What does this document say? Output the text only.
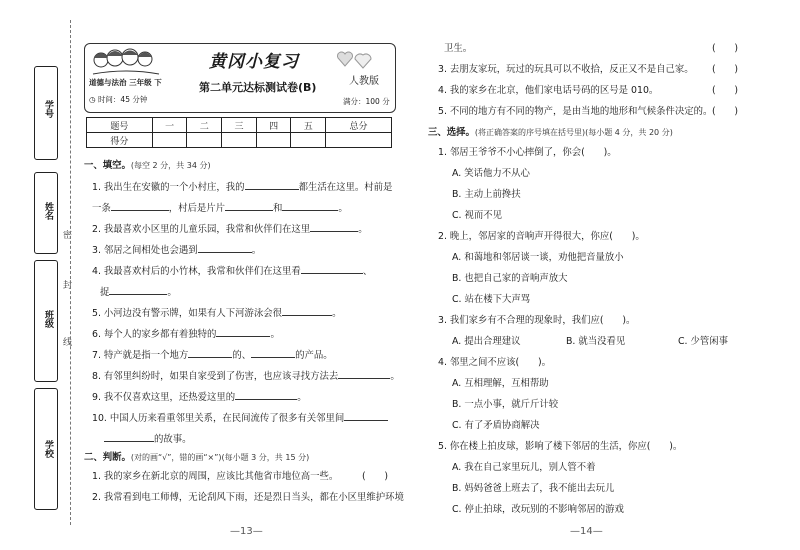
学号
姓名
班级
学校
密
封
线
黄冈小复习
道德与法治 三年级 下
◷ 时间：45 分钟
第二单元达标测试卷(B)	人教版
满分：100 分
题号	一	二	三	四	五	总分
得分						
一、填空。(每空 2 分，共 34 分)
1. 我出生在安徽的一个小村庄，我的	都生活在这里。村前是
一条	，村后是片片	和	。
2. 我最喜欢小区里的儿童乐园，我常和伙伴们在这里	。
3. 邻居之间相处也会遇到	。
4. 我最喜欢村后的小竹林，我常和伙伴们在这里看	、
捉	。
5. 小河边没有警示牌，如果有人下河游泳会很	。
6. 每个人的家乡都有着独特的	。
7. 特产就是指一个地方	的、	的产品。
8. 有邻里纠纷时，如果自家受到了伤害，也应该寻找方法去	。
9. 我不仅喜欢这里，还热爱这里的	。
10. 中国人历来看重邻里关系，在民间流传了很多有关邻里间
的故事。
二、判断。(对的画“√”，错的画“×”)(每小题 3 分，共 15 分)
1. 我的家乡在新北京的周围，应该比其他省市地位高一些。	(　　)
2. 我常看到电工师傅，无论刮风下雨，还是烈日当头，都在小区里维护环境
—13—
卫生。	(　　)
3. 去朋友家玩，玩过的玩具可以不收拾，反正又不是自己家。 (　　)
4. 我的家乡在北京，他们家电话号码的区号是 010。	(　　)
5. 不同的地方有不同的物产，是由当地的地形和气候条件决定的。 (　　)
三、选择。(将正确答案的序号填在括号里)(每小题 4 分，共 20 分)
1. 邻居王爷爷不小心摔倒了，你会(　　)。
A. 笑话他力不从心
B. 主动上前搀扶
C. 视而不见
2. 晚上，邻居家的音响声开得很大，你应(　　)。
A. 和蔼地和邻居谈一谈，劝他把音量放小
B. 也把自己家的音响声放大
C. 站在楼下大声骂
3. 我们家乡有不合理的现象时，我们应(　　)。
A. 提出合理建议	B. 就当没看见	C. 少管闲事
4. 邻里之间不应该(　　)。
A. 互相理解，互相帮助
B. 一点小事，就斤斤计较
C. 有了矛盾协商解决
5. 你在楼上拍皮球，影响了楼下邻居的生活，你应(　　)。
A. 我在自己家里玩儿，别人管不着
B. 妈妈爸爸上班去了，我不能出去玩儿
C. 停止拍球，改玩别的不影响邻居的游戏
—14—
